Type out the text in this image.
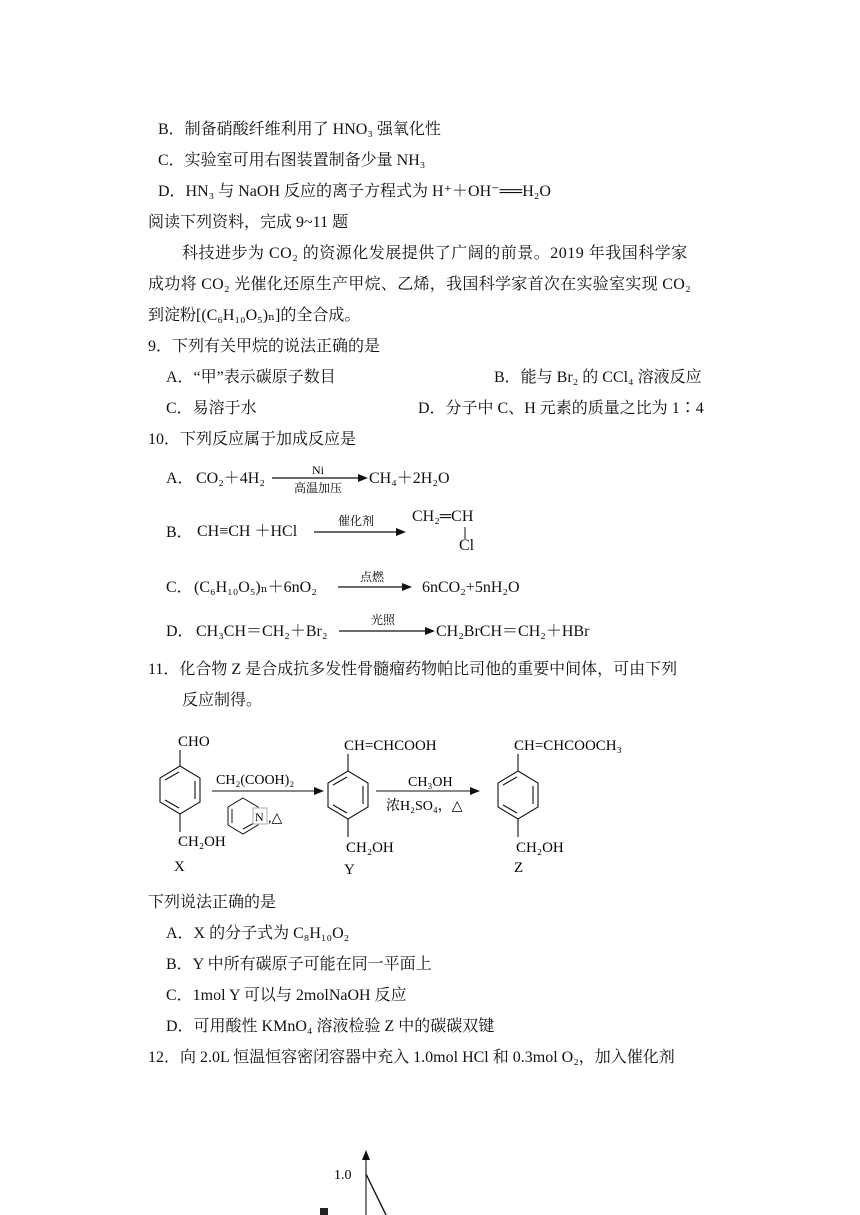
B．制备硝酸纤维利用了 HNO₃ 强氧化性
C．实验室可用右图装置制备少量 NH₃
D．HN₃ 与 NaOH 反应的离子方程式为 H⁺＋OH⁻══H₂O
阅读下列资料，完成 9~11 题
科技进步为 CO₂ 的资源化发展提供了广阔的前景。2019 年我国科学家
成功将 CO₂ 光催化还原生产甲烷、乙烯，我国科学家首次在实验室实现 CO₂
到淀粉[(C₆H₁₀O₅)ₙ]的全合成。
9．下列有关甲烷的说法正确的是
A．“甲”表示碳原子数目	B．能与 Br₂ 的 CCl₄ 溶液反应
C．易溶于水	D．分子中 C、H 元素的质量之比为 1∶4
10．下列反应属于加成反应是
A． CO₂＋4H₂	Ni
高温加压
CH₄＋2H₂O
B． CH≡CH ＋HCl
催化剂 CH₂═CH
Cl
C． (C₆H₁₀O₅)ₙ＋6nO₂
点燃
6nCO₂+5nH₂O
D． CH₃CH＝CH₂＋Br₂
光照
CH₂BrCH＝CH₂＋HBr
11．化合物 Z 是合成抗多发性骨髓瘤药物帕比司他的重要中间体，可由下列
反应制得。
CHO
CH₂OH
X
CH₂(COOH)₂
N ,△
CH=CHCOOH
CH₂OH
Y
CH₃OH
浓H₂SO₄，△
CH=CHCOOCH₃
CH₂OH
Z
下列说法正确的是
A．X 的分子式为 C₈H₁₀O₂
B．Y 中所有碳原子可能在同一平面上
C．1mol Y 可以与 2molNaOH 反应
D．可用酸性 KMnO₄ 溶液检验 Z 中的碳碳双键
12．向 2.0L 恒温恒容密闭容器中充入 1.0mol HCl 和 0.3mol O₂，加入催化剂
1.0
